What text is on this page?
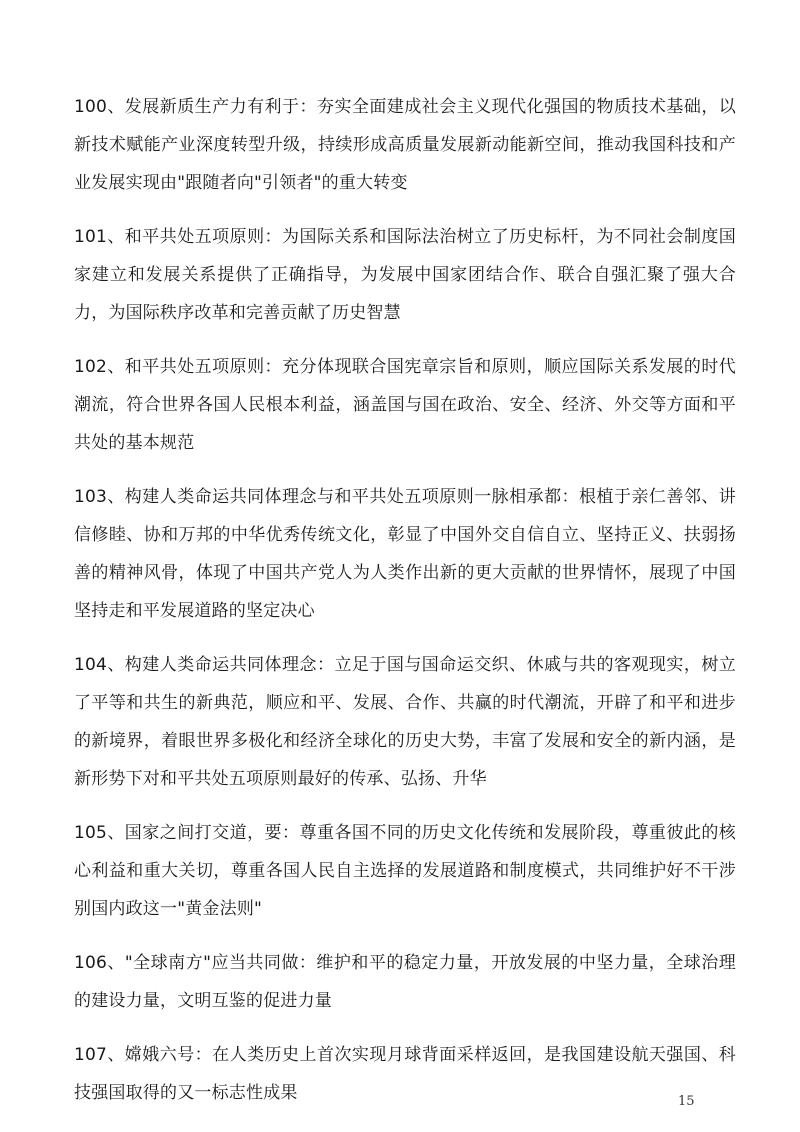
100、发展新质生产力有利于：夯实全面建成社会主义现代化强国的物质技术基础，以新技术赋能产业深度转型升级，持续形成高质量发展新动能新空间，推动我国科技和产业发展实现由"跟随者向"引领者"的重大转变

101、和平共处五项原则：为国际关系和国际法治树立了历史标杆，为不同社会制度国家建立和发展关系提供了正确指导，为发展中国家团结合作、联合自强汇聚了强大合力，为国际秩序改革和完善贡献了历史智慧

102、和平共处五项原则：充分体现联合国宪章宗旨和原则，顺应国际关系发展的时代潮流，符合世界各国人民根本利益，涵盖国与国在政治、安全、经济、外交等方面和平共处的基本规范

103、构建人类命运共同体理念与和平共处五项原则一脉相承都：根植于亲仁善邻、讲信修睦、协和万邦的中华优秀传统文化，彰显了中国外交自信自立、坚持正义、扶弱扬善的精神风骨，体现了中国共产党人为人类作出新的更大贡献的世界情怀，展现了中国坚持走和平发展道路的坚定决心

104、构建人类命运共同体理念：立足于国与国命运交织、休戚与共的客观现实，树立了平等和共生的新典范，顺应和平、发展、合作、共赢的时代潮流，开辟了和平和进步的新境界，着眼世界多极化和经济全球化的历史大势，丰富了发展和安全的新内涵，是新形势下对和平共处五项原则最好的传承、弘扬、升华

105、国家之间打交道，要：尊重各国不同的历史文化传统和发展阶段，尊重彼此的核心利益和重大关切，尊重各国人民自主选择的发展道路和制度模式，共同维护好不干涉别国内政这一"黄金法则"

106、"全球南方"应当共同做：维护和平的稳定力量，开放发展的中坚力量，全球治理的建设力量，文明互鉴的促进力量

107、嫦娥六号：在人类历史上首次实现月球背面采样返回，是我国建设航天强国、科技强国取得的又一标志性成果	15
